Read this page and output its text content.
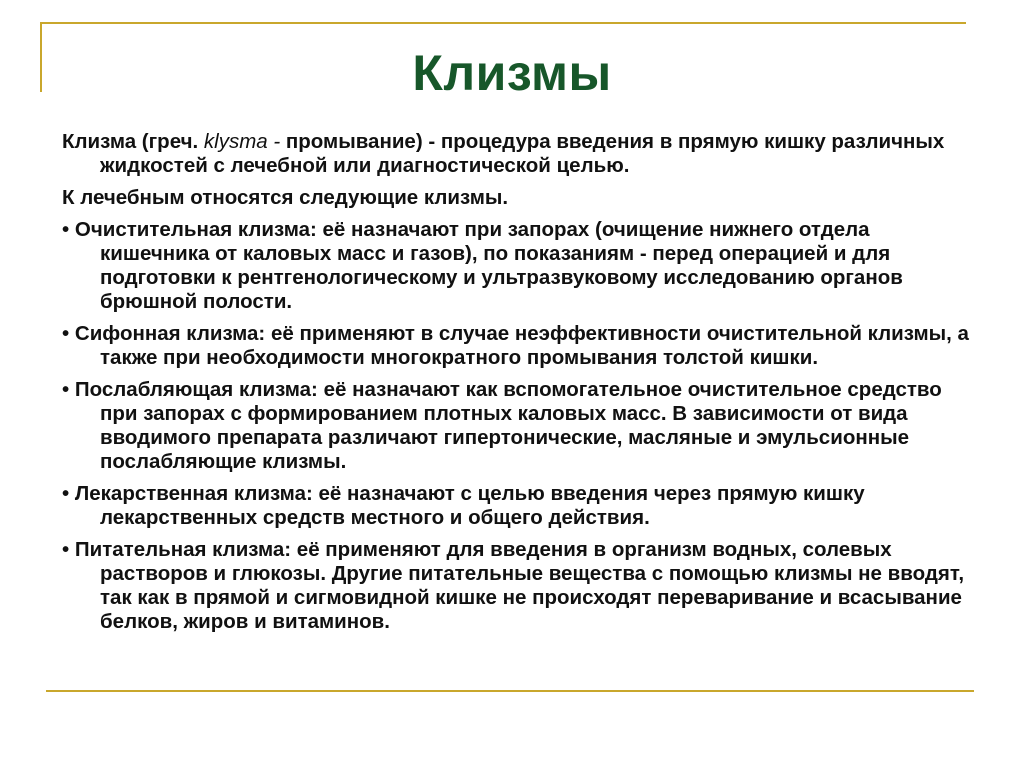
Клизмы

Клизма (греч. klysma - промывание) - процедура введения в прямую кишку различных жидкостей с лечебной или диагностической целью.

К лечебным относятся следующие клизмы.

• Очистительная клизма: её назначают при запорах (очищение нижнего отдела кишечника от каловых масс и газов), по показаниям - перед операцией и для подготовки к рентгенологическому и ультразвуковому исследованию органов брюшной полости.

• Сифонная клизма: её применяют в случае неэффективности очистительной клизмы, а также при необходимости многократного промывания толстой кишки.

• Послабляющая клизма: её назначают как вспомогательное очистительное средство при запорах с формированием плотных каловых масс. В зависимости от вида вводимого препарата различают гипертонические, масляные и эмульсионные послабляющие клизмы.

• Лекарственная клизма: её назначают с целью введения через прямую кишку лекарственных средств местного и общего действия.

• Питательная клизма: её применяют для введения в организм водных, солевых растворов и глюкозы. Другие питательные вещества с помощью клизмы не вводят, так как в прямой и сигмовидной кишке не происходят переваривание и всасывание белков, жиров и витаминов.
